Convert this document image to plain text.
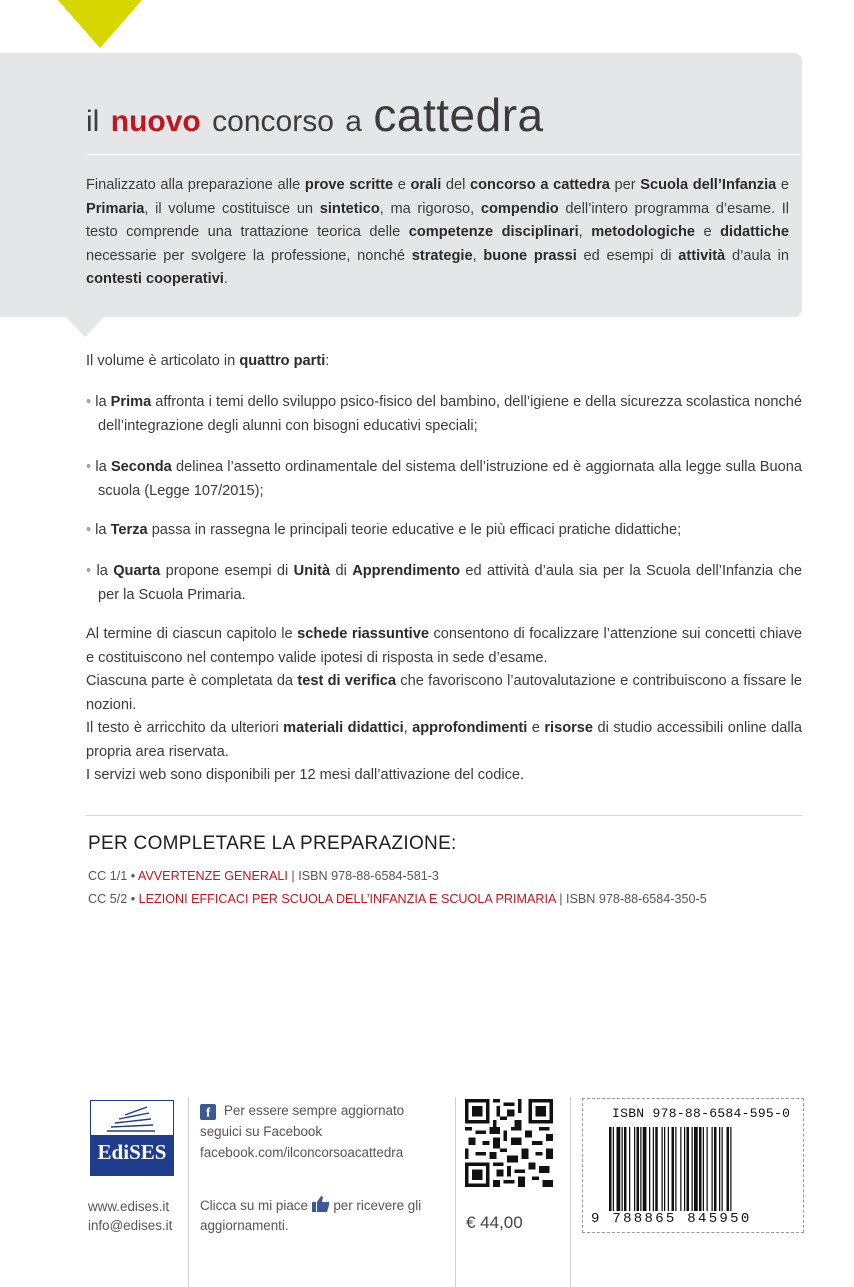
il nuovo concorso a cattedra
Finalizzato alla preparazione alle prove scritte e orali del concorso a cattedra per Scuola dell’Infanzia e Primaria, il volume costituisce un sintetico, ma rigoroso, compendio dell’intero programma d’esame. Il testo comprende una trattazione teorica delle competenze disciplinari, metodologiche e didattiche necessarie per svolgere la professione, nonché strategie, buone prassi ed esempi di attività d’aula in contesti cooperativi.
Il volume è articolato in quattro parti:
• la Prima affronta i temi dello sviluppo psico-fisico del bambino, dell’igiene e della sicurezza scolastica nonché dell’integrazione degli alunni con bisogni educativi speciali;
• la Seconda delinea l’assetto ordinamentale del sistema dell’istruzione ed è aggiornata alla legge sulla Buona scuola (Legge 107/2015);
• la Terza passa in rassegna le principali teorie educative e le più efficaci pratiche didattiche;
• la Quarta propone esempi di Unità di Apprendimento ed attività d’aula sia per la Scuola dell’Infanzia che per la Scuola Primaria.
Al termine di ciascun capitolo le schede riassuntive consentono di focalizzare l’attenzione sui concetti chiave e costituiscono nel contempo valide ipotesi di risposta in sede d’esame.
Ciascuna parte è completata da test di verifica che favoriscono l’autovalutazione e contribuiscono a fissare le nozioni.
Il testo è arricchito da ulteriori materiali didattici, approfondimenti e risorse di studio accessibili online dalla propria area riservata.
I servizi web sono disponibili per 12 mesi dall’attivazione del codice.
PER COMPLETARE LA PREPARAZIONE:
CC 1/1 • AVVERTENZE GENERALI | ISBN 978-88-6584-581-3
CC 5/2 • LEZIONI EFFICACI PER SCUOLA DELL’INFANZIA E SCUOLA PRIMARIA | ISBN 978-88-6584-350-5
EdiSES
www.edises.it
info@edises.it
f Per essere sempre aggiornato
seguici su Facebook
facebook.com/ilconcorsoacattedra
Clicca su mi piace  per ricevere gli
aggiornamenti.	€ 44,00
ISBN 978-88-6584-595-0
9 788865 845950
